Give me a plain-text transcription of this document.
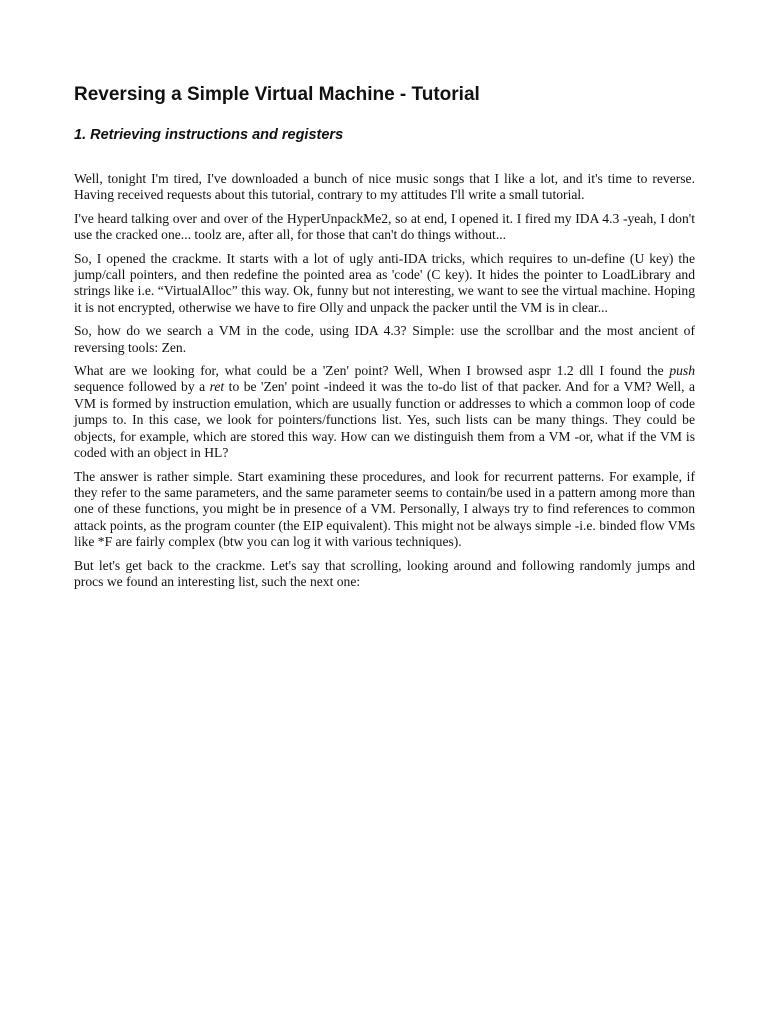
Reversing a Simple Virtual Machine - Tutorial
1. Retrieving instructions and registers

Well, tonight I'm tired, I've downloaded a bunch of nice music songs that I like a lot, and it's time to reverse. Having received requests about this tutorial, contrary to my attitudes I'll write a small tutorial.

I've heard talking over and over of the HyperUnpackMe2, so at end, I opened it. I fired my IDA 4.3 -yeah, I don't use the cracked one... toolz are, after all, for those that can't do things without...

So, I opened the crackme. It starts with a lot of ugly anti-IDA tricks, which requires to un-define (U key) the jump/call pointers, and then redefine the pointed area as 'code' (C key). It hides the pointer to LoadLibrary and strings like i.e. “VirtualAlloc” this way. Ok, funny but not interesting, we want to see the virtual machine. Hoping it is not encrypted, otherwise we have to fire Olly and unpack the packer until the VM is in clear...

So, how do we search a VM in the code, using IDA 4.3? Simple: use the scrollbar and the most ancient of reversing tools: Zen.

What are we looking for, what could be a 'Zen' point? Well, When I browsed aspr 1.2 dll I found the push sequence followed by a ret to be 'Zen' point -indeed it was the to-do list of that packer. And for a VM? Well, a VM is formed by instruction emulation, which are usually function or addresses to which a common loop of code jumps to. In this case, we look for pointers/functions list. Yes, such lists can be many things. They could be objects, for example, which are stored this way. How can we distinguish them from a VM -or, what if the VM is coded with an object in HL?

The answer is rather simple. Start examining these procedures, and look for recurrent patterns. For example, if they refer to the same parameters, and the same parameter seems to contain/be used in a pattern among more than one of these functions, you might be in presence of a VM. Personally, I always try to find references to common attack points, as the program counter (the EIP equivalent). This might not be always simple -i.e. binded flow VMs like *F are fairly complex (btw you can log it with various techniques).

But let's get back to the crackme. Let's say that scrolling, looking around and following randomly jumps and procs we found an interesting list, such the next one:
